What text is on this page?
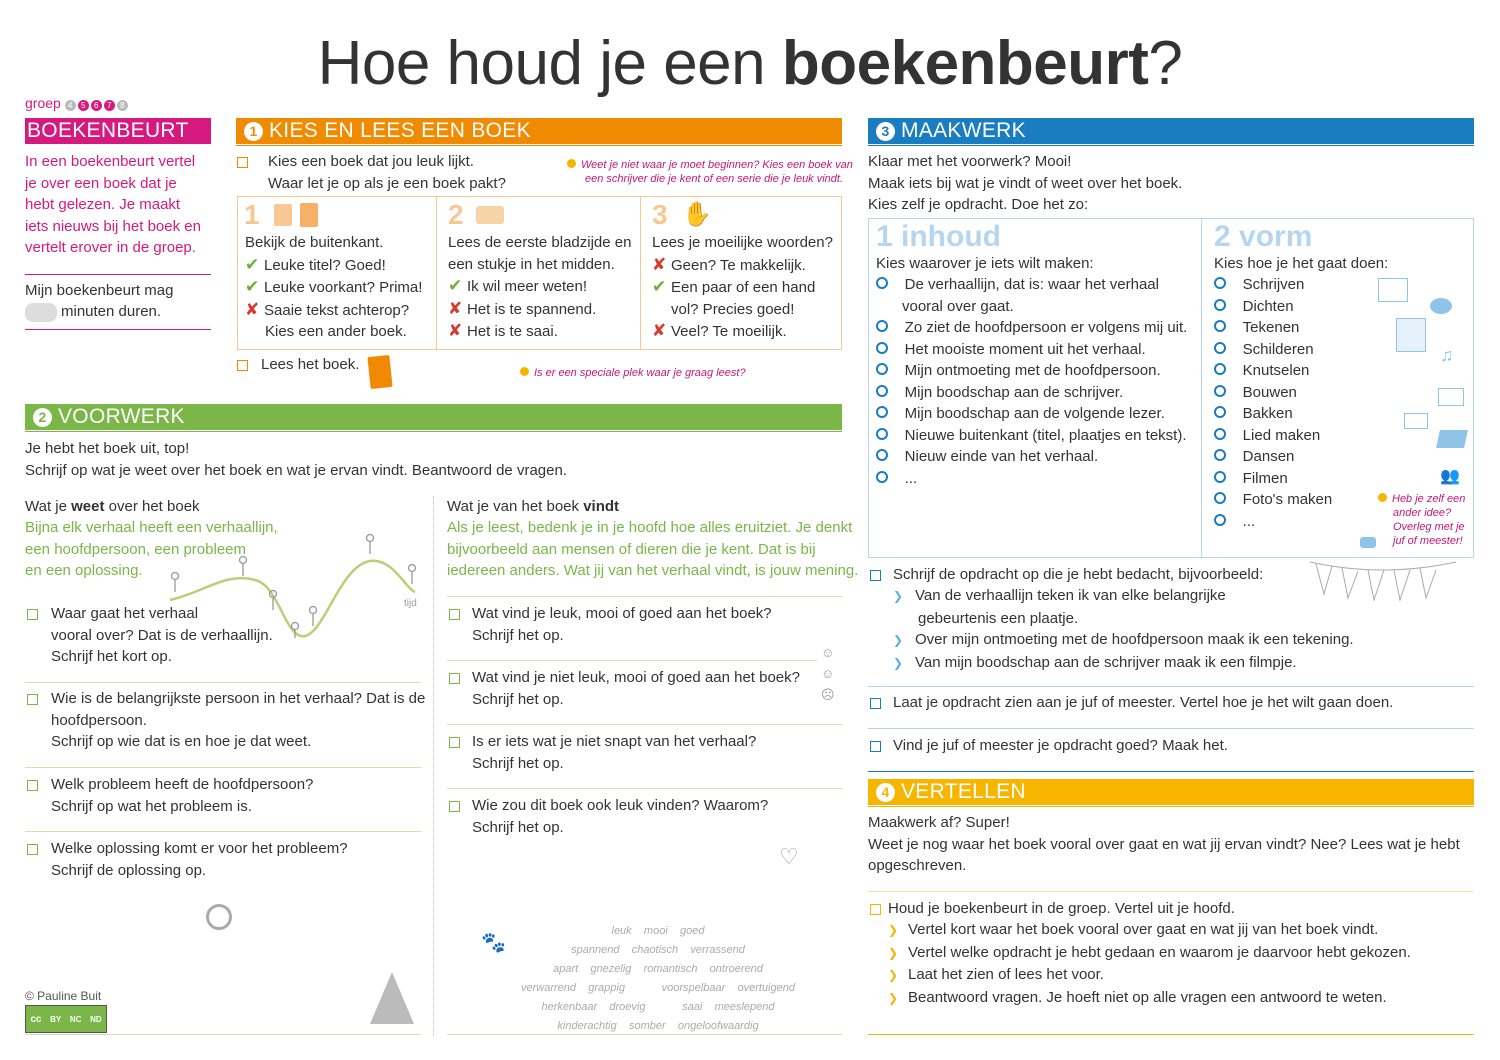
Hoe houd je een boekenbeurt?
groep 4 5 6 7 8
BOEKENBEURT
In een boekenbeurt vertel
je over een boek dat je
hebt gelezen. Je maakt
iets nieuws bij het boek en
vertelt erover in de groep.
Mijn boekenbeurt mag
minuten duren.
1 KIES EN LEES EEN BOEK
Kies een boek dat jou leuk lijkt.
Waar let je op als je een boek pakt?
Weet je niet waar je moet beginnen? Kies een boek van
een schrijver die je kent of een serie die je leuk vindt.
1	2	3 ✋
Bekijk de buitenkant.
✔ Leuke titel? Goed!
✔ Leuke voorkant? Prima!
✘ Saaie tekst achterop?
Kies een ander boek.
Lees de eerste bladzijde en
een stukje in het midden.
✔ Ik wil meer weten!
✘ Het is te spannend.
✘ Het is te saai.
Lees je moeilijke woorden?
✘ Geen? Te makkelijk.
✔ Een paar of een hand
vol? Precies goed!
✘ Veel? Te moeilijk.
Lees het boek.	Is er een speciale plek waar je graag leest?
2 VOORWERK
Je hebt het boek uit, top!
Schrijf op wat je weet over het boek en wat je ervan vindt. Beantwoord de vragen.
Wat je weet over het boek
Bijna elk verhaal heeft een verhaallijn,
een hoofdpersoon, een probleem
en een oplossing.
tijd
Waar gaat het verhaal
vooral over? Dat is de verhaallijn.
Schrijf het kort op.
Wie is de belangrijkste persoon in het verhaal? Dat is de
hoofdpersoon.
Schrijf op wie dat is en hoe je dat weet.
Welk probleem heeft de hoofdpersoon?
Schrijf op wat het probleem is.
Welke oplossing komt er voor het probleem?
Schrijf de oplossing op.
© Pauline Buit
cc BY NC ND
Wat je van het boek vindt
Als je leest, bedenk je in je hoofd hoe alles eruitziet. Je denkt
bijvoorbeeld aan mensen of dieren die je kent. Dat is bij
iedereen anders. Wat jij van het verhaal vindt, is jouw mening.
Wat vind je leuk, mooi of goed aan het boek?
Schrijf het op.
Wat vind je niet leuk, mooi of goed aan het boek?
Schrijf het op.
☺
☺
☹
Is er iets wat je niet snapt van het verhaal?
Schrijf het op.
Wie zou dit boek ook leuk vinden? Waarom?
Schrijf het op.
♡
🐾
leuk mooi goed
spannend chaotisch verrassend
apart gnezelig romantisch ontroerend
verwarrend grappig	voorspelbaar overtuigend
herkenbaar droevig	saai meeslepend
kinderachtig somber ongeloofwaardig
3 MAAKWERK
Klaar met het voorwerk? Mooi!
Maak iets bij wat je vindt of weet over het boek.
Kies zelf je opdracht. Doe het zo:
1 inhoud
Kies waarover je iets wilt maken:
De verhaallijn, dat is: waar het verhaal
vooral over gaat.
Zo ziet de hoofdpersoon er volgens mij uit.
Het mooiste moment uit het verhaal.
Mijn ontmoeting met de hoofdpersoon.
Mijn boodschap aan de schrijver.
Mijn boodschap aan de volgende lezer.
Nieuwe buitenkant (titel, plaatjes en tekst).
Nieuw einde van het verhaal.
...
2 vorm
Kies hoe je het gaat doen:
Schrijven
Dichten
Tekenen
Schilderen
Knutselen
Bouwen
Bakken
Lied maken
Dansen
Filmen
Foto's maken
...
♫
👥
Heb je zelf een
ander idee?
Overleg met je
juf of meester!
Schrijf de opdracht op die je hebt bedacht, bijvoorbeeld:
❯ Van de verhaallijn teken ik van elke belangrijke
gebeurtenis een plaatje.
❯ Over mijn ontmoeting met de hoofdpersoon maak ik een tekening.
❯ Van mijn boodschap aan de schrijver maak ik een filmpje.
Laat je opdracht zien aan je juf of meester. Vertel hoe je het wilt gaan doen.
Vind je juf of meester je opdracht goed? Maak het.
4 VERTELLEN
Maakwerk af? Super!
Weet je nog waar het boek vooral over gaat en wat jij ervan vindt? Nee? Lees wat je hebt
opgeschreven.
Houd je boekenbeurt in de groep. Vertel uit je hoofd.
❯ Vertel kort waar het boek vooral over gaat en wat jij van het boek vindt.
❯ Vertel welke opdracht je hebt gedaan en waarom je daarvoor hebt gekozen.
❯ Laat het zien of lees het voor.
❯ Beantwoord vragen. Je hoeft niet op alle vragen een antwoord te weten.
